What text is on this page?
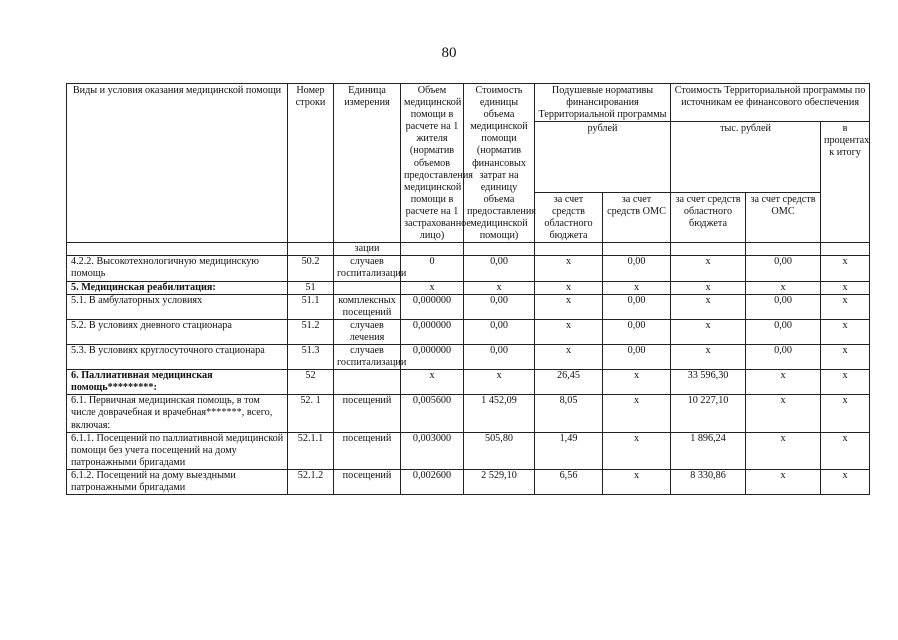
80
Виды и условия оказания медицинской помощи	Номер строки	Единица измерения	Объем медицинской помощи в расчете на 1 жителя (норматив объемов предоставления медицинской помощи в расчете на 1 застрахованное лицо)	Стоимость единицы объема медицинской помощи (норматив финансовых затрат на единицу объема предоставления медицинской помощи)	Подушевые нормативы финансирования Территориальной программы		Стоимость Территориальной программы по источникам ее финансового обеспечения		
					рублей		тыс. рублей		в процентах к итогу
					за счет средств областного бюджета	за счет средств ОМС	за счет средств областного бюджета	за счет средств ОМС	
		зации							
4.2.2. Высокотехнологичную медицинскую помощь	50.2	случаев госпитализации	0	0,00	x	0,00	x	0,00	x
5. Медицинская реабилитация:	51		x	x	x	x	x	x	x
5.1. В амбулаторных условиях	51.1	комплексных посещений	0,000000	0,00	x	0,00	x	0,00	x
5.2. В условиях дневного стационара	51.2	случаев лечения	0,000000	0,00	x	0,00	x	0,00	x
5.3. В условиях круглосуточного стационара	51.3	случаев госпитализации	0,000000	0,00	x	0,00	x	0,00	x
6. Паллиативная медицинская помощь*********:	52		x	x	26,45	x	33 596,30	x	x
6.1. Первичная медицинская помощь, в том числе доврачебная и врачебная*******, всего, включая:	52. 1	посещений	0,005600	1 452,09	8,05	x	10 227,10	x	x
6.1.1. Посещений по паллиативной медицинской помощи без учета посещений на дому патронажными бригадами	52.1.1	посещений	0,003000	505,80	1,49	x	1 896,24	x	x
6.1.2. Посещений на дому выездными патронажными бригадами	52.1.2	посещений	0,002600	2 529,10	6,56	x	8 330,86	x	x
